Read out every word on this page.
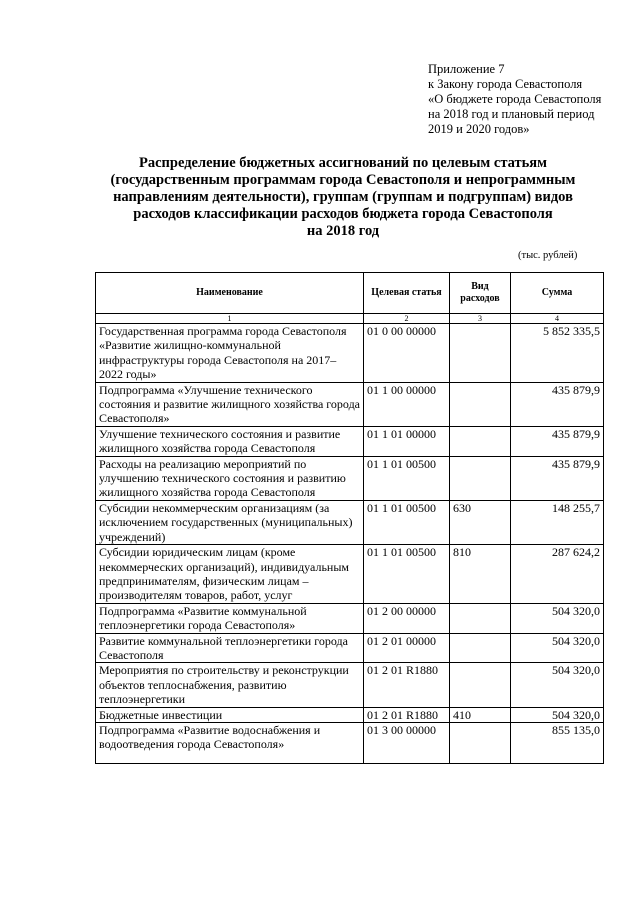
Приложение 7
к Закону города Севастополя
«О бюджете города Севастополя
на 2018 год и плановый период
2019 и 2020 годов»
Распределение бюджетных ассигнований по целевым статьям
(государственным программам города Севастополя и непрограммным
направлениям деятельности), группам (группам и подгруппам) видов
расходов классификации расходов бюджета города Севастополя
на 2018 год
(тыс. рублей)
Наименование	Целевая статья	Вид расходов	Сумма
1	2	3	4
Государственная программа города Севастополя «Развитие жилищно-коммунальной инфраструктуры города Севастополя на 2017–2022 годы»	01 0 00 00000		5 852 335,5
Подпрограмма «Улучшение технического состояния и развитие жилищного хозяйства города Севастополя»	01 1 00 00000		435 879,9
Улучшение технического состояния и развитие жилищного хозяйства города Севастополя	01 1 01 00000		435 879,9
Расходы на реализацию мероприятий по улучшению технического состояния и развитию жилищного хозяйства города Севастополя	01 1 01 00500		435 879,9
Субсидии некоммерческим организациям (за исключением государственных (муниципальных) учреждений)	01 1 01 00500	630	148 255,7
Субсидии юридическим лицам (кроме некоммерческих организаций), индивидуальным предпринимателям, физическим лицам – производителям товаров, работ, услуг	01 1 01 00500	810	287 624,2
Подпрограмма «Развитие коммунальной теплоэнергетики города Севастополя»	01 2 00 00000		504 320,0
Развитие коммунальной теплоэнергетики города Севастополя	01 2 01 00000		504 320,0
Мероприятия по строительству и реконструкции объектов теплоснабжения, развитию теплоэнергетики	01 2 01 R1880		504 320,0
Бюджетные инвестиции	01 2 01 R1880	410	504 320,0
Подпрограмма «Развитие водоснабжения и водоотведения города Севастополя»	01 3 00 00000		855 135,0
